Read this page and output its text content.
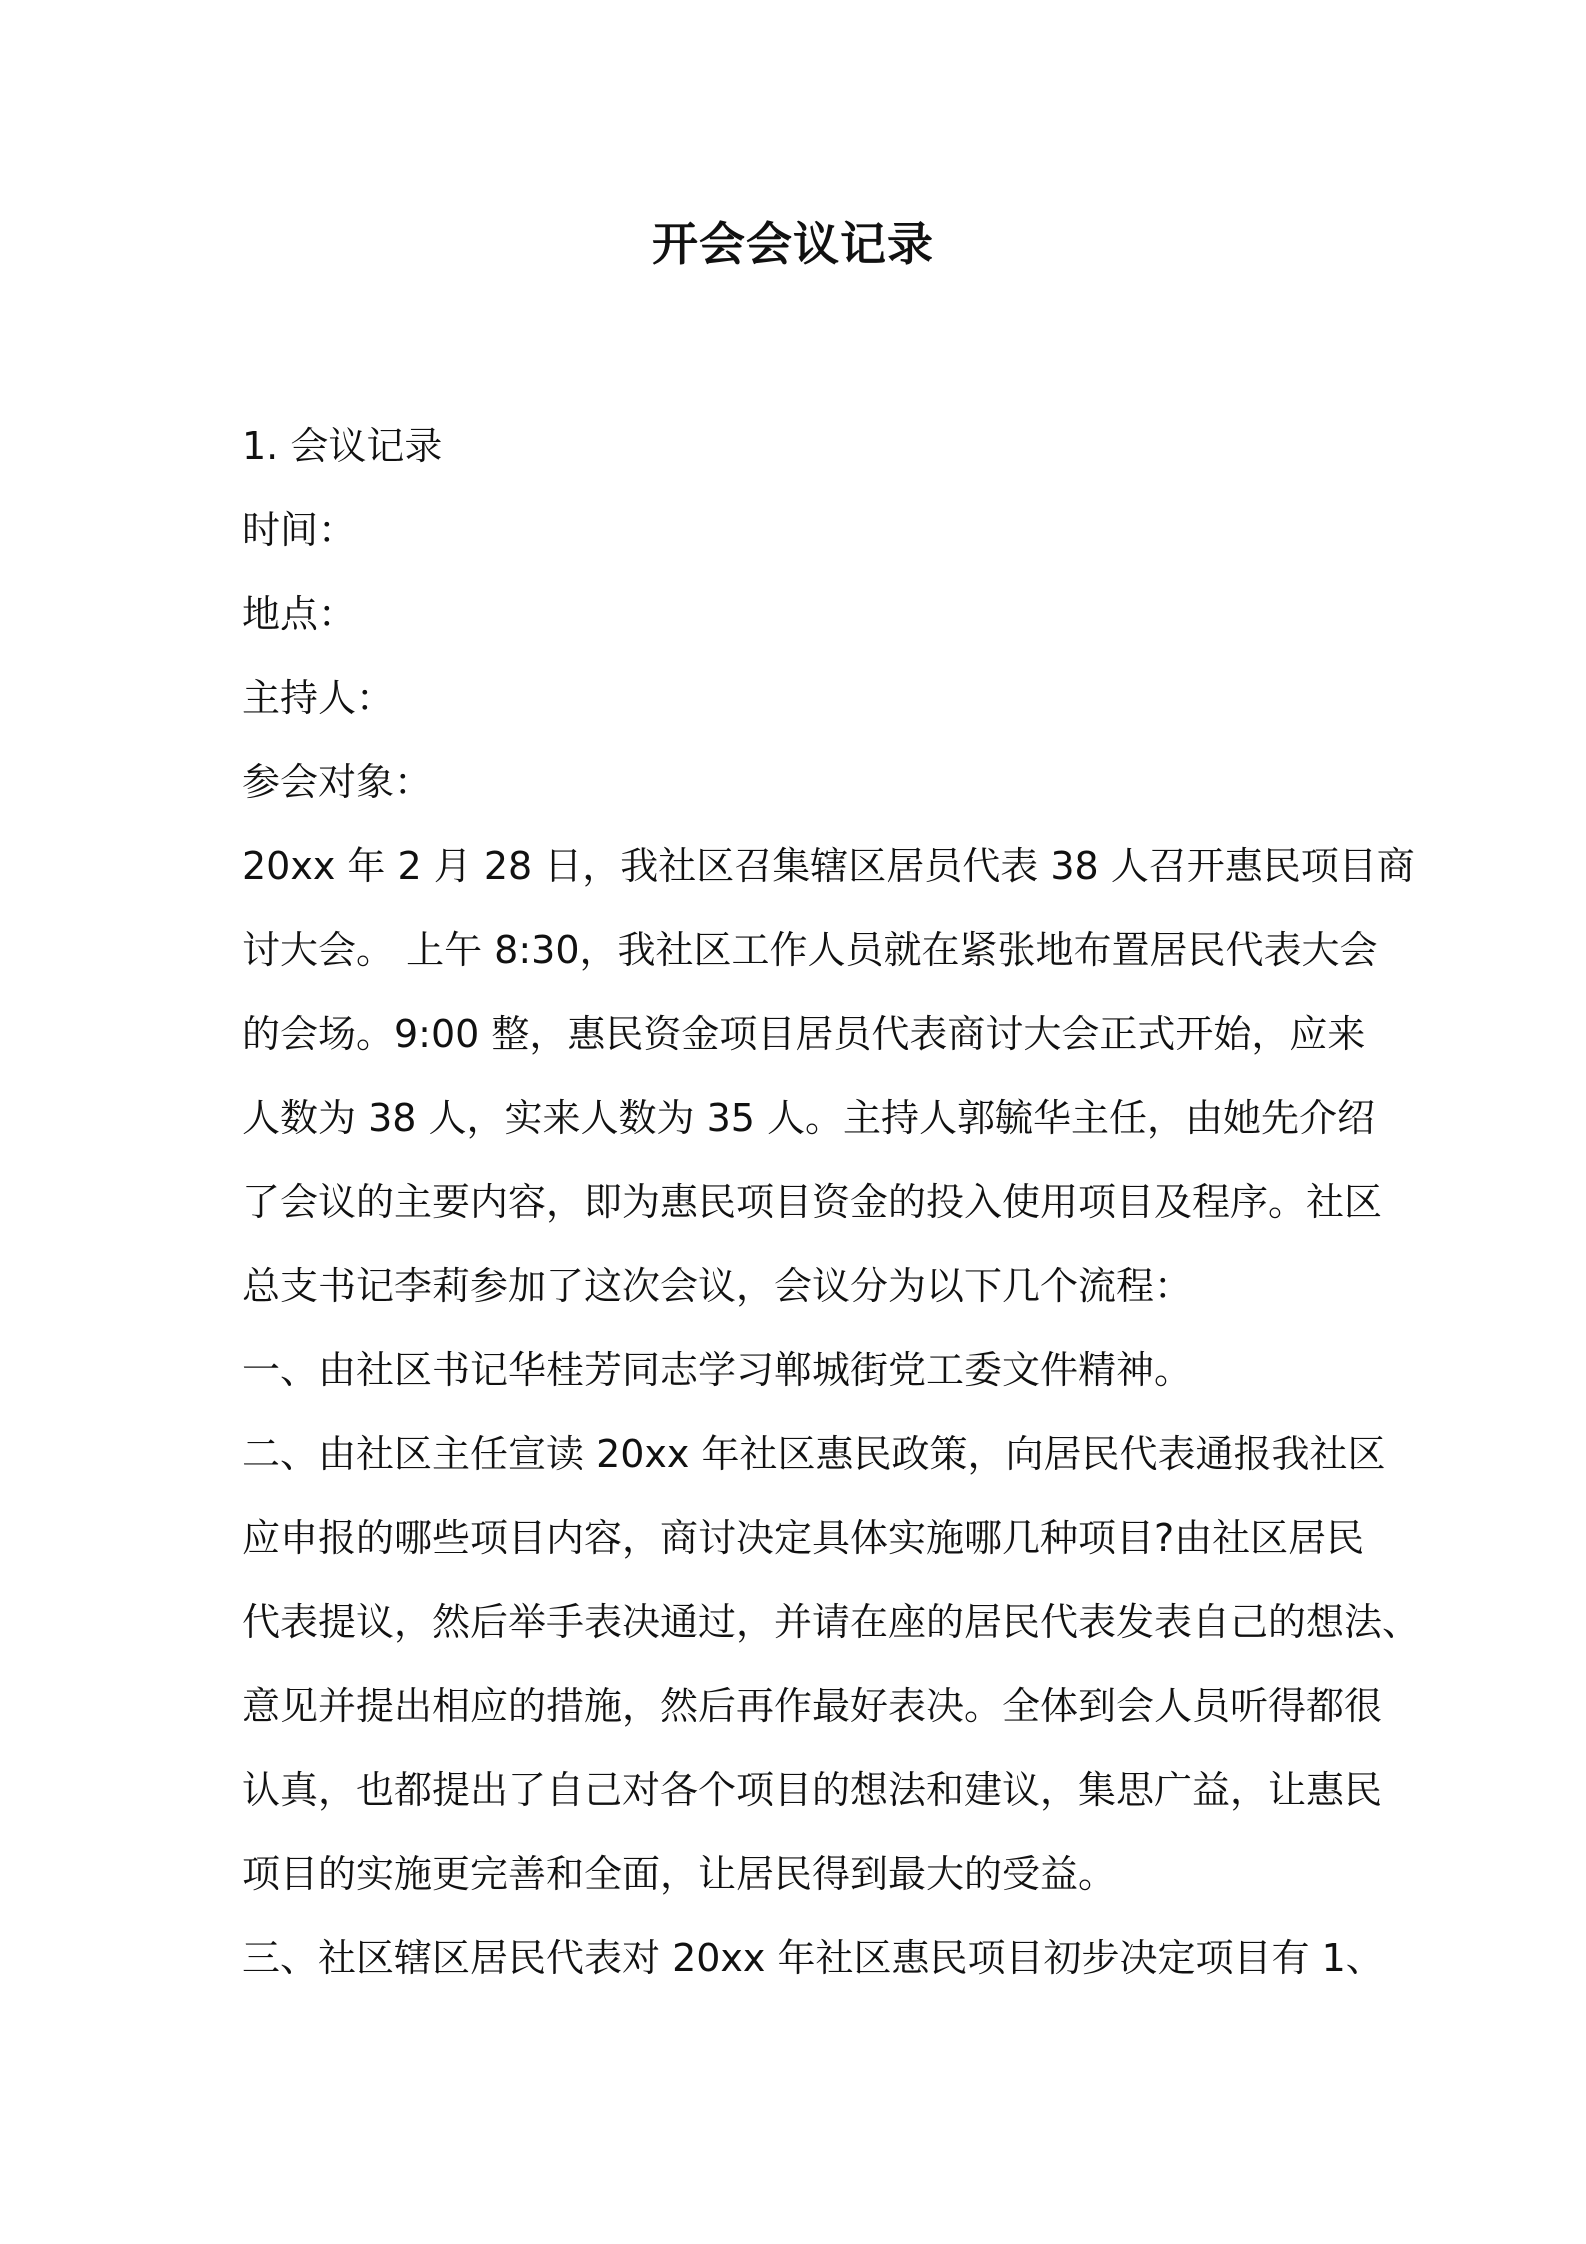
开会会议记录
1. 会议记录
时间：
地点：
主持人：
参会对象：
20xx 年 2 月 28 日，我社区召集辖区居员代表 38 人召开惠民项目商
讨大会。 上午 8:30，我社区工作人员就在紧张地布置居民代表大会
的会场。9:00 整，惠民资金项目居员代表商讨大会正式开始，应来
人数为 38 人，实来人数为 35 人。主持人郭毓华主任，由她先介绍
了会议的主要内容，即为惠民项目资金的投入使用项目及程序。社区
总支书记李莉参加了这次会议，会议分为以下几个流程：
一、由社区书记华桂芳同志学习郸城街党工委文件精神。
二、由社区主任宣读 20xx 年社区惠民政策，向居民代表通报我社区
应申报的哪些项目内容，商讨决定具体实施哪几种项目?由社区居民
代表提议，然后举手表决通过，并请在座的居民代表发表自己的想法、
意见并提出相应的措施，然后再作最好表决。全体到会人员听得都很
认真，也都提出了自己对各个项目的想法和建议，集思广益，让惠民
项目的实施更完善和全面，让居民得到最大的受益。
三、社区辖区居民代表对 20xx 年社区惠民项目初步决定项目有 1、
